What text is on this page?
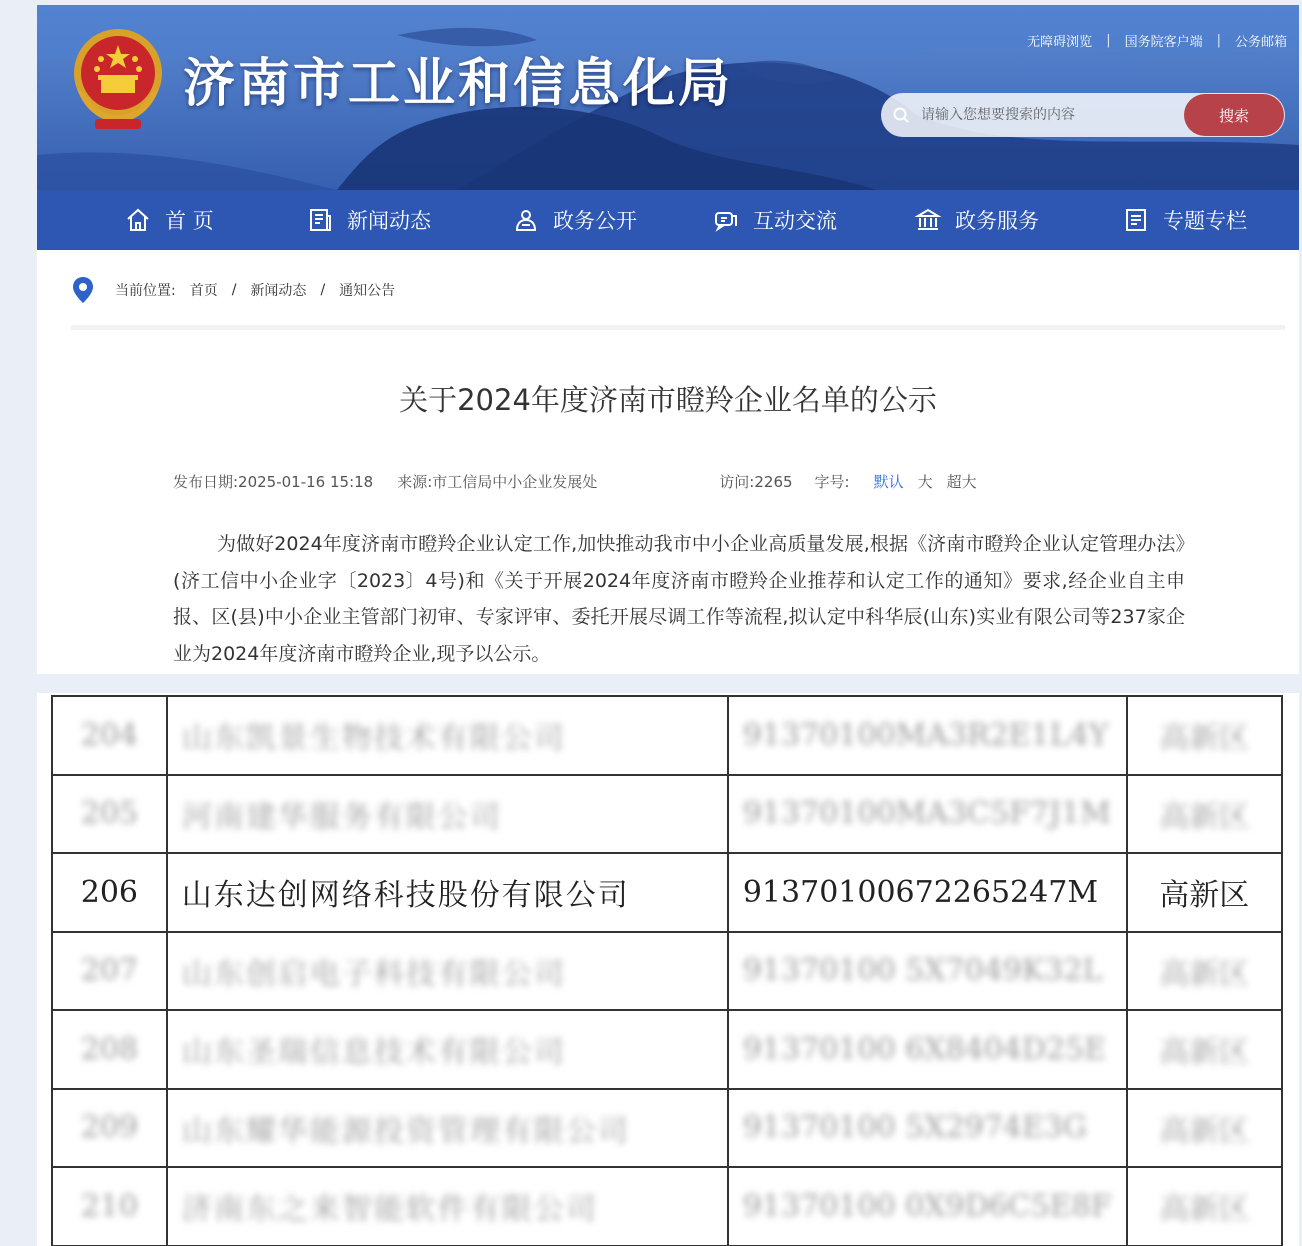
济南市工业和信息化局
无障碍浏览 | 国务院客户端 | 公务邮箱
请输入您想要搜索的内容
搜索
首 页	新闻动态	政务公开	互动交流	政务服务	专题专栏
当前位置: 首页 / 新闻动态 / 通知公告
关于2024年度济南市瞪羚企业名单的公示
发布日期:2025-01-16 15:18 来源:市工信局中小企业发展处	访问:2265 字号: 默认 大 超大

为做好2024年度济南市瞪羚企业认定工作,加快推动我市中小企业高质量发展,根据《济南市瞪羚企业认定管理办法》(济工信中小企业字〔2023〕4号)和《关于开展2024年度济南市瞪羚企业推荐和认定工作的通知》要求,经企业自主申报、区(县)中小企业主管部门初审、专家评审、委托开展尽调工作等流程,拟认定中科华辰(山东)实业有限公司等237家企业为2024年度济南市瞪羚企业,现予以公示。

204	山东凯景生物技术有限公司	91370100MA3R2E1L4Y	高新区
205	河南建华服务有限公司	91370100MA3C5F7J1M	高新区
206	山东达创网络科技股份有限公司	91370100672265247M	高新区
207	山东创启电子科技有限公司	91370100 5X7049K32L	高新区
208	山东圣瑞信息技术有限公司	91370100 6X8404D25E	高新区
209	山东耀华能源投资管理有限公司	91370100 5X2974E3G	高新区
210	济南东之来智能软件有限公司	91370100 0X9D6C5E8F	高新区
